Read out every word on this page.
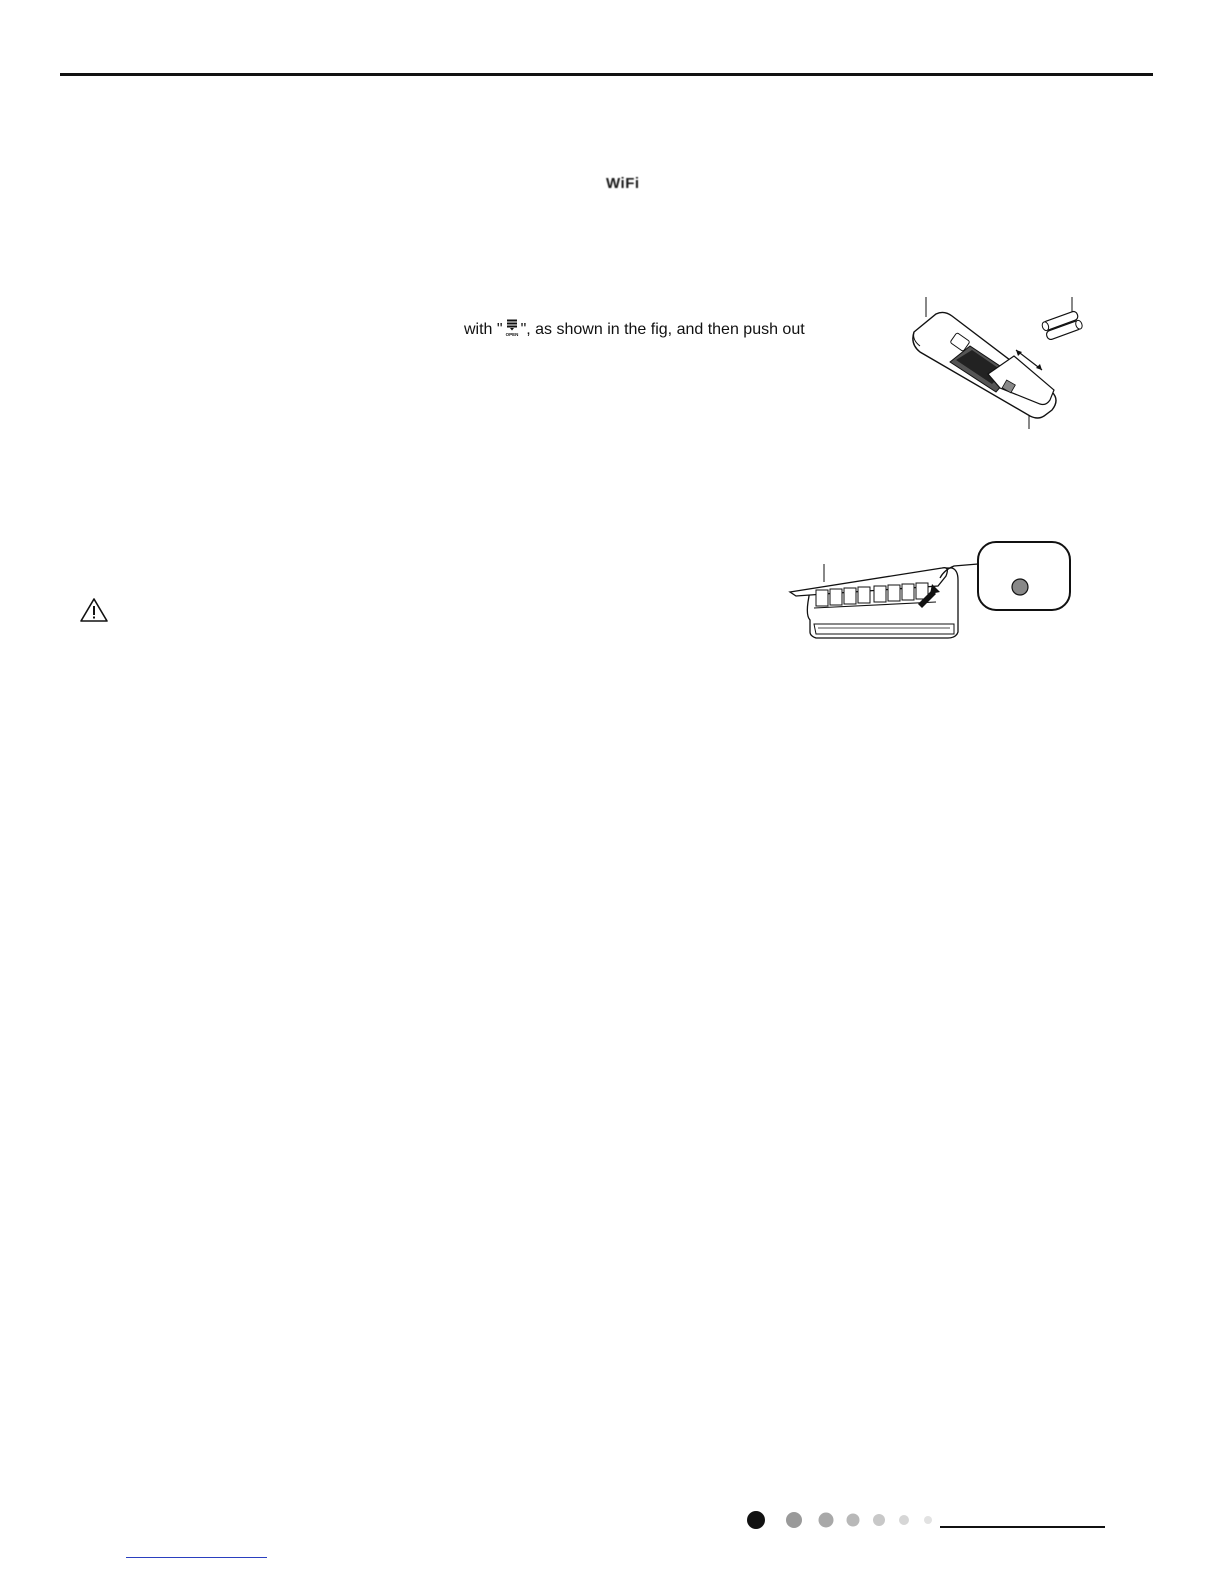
WiFi
with " OPEN ", as shown in the fig, and then push out
